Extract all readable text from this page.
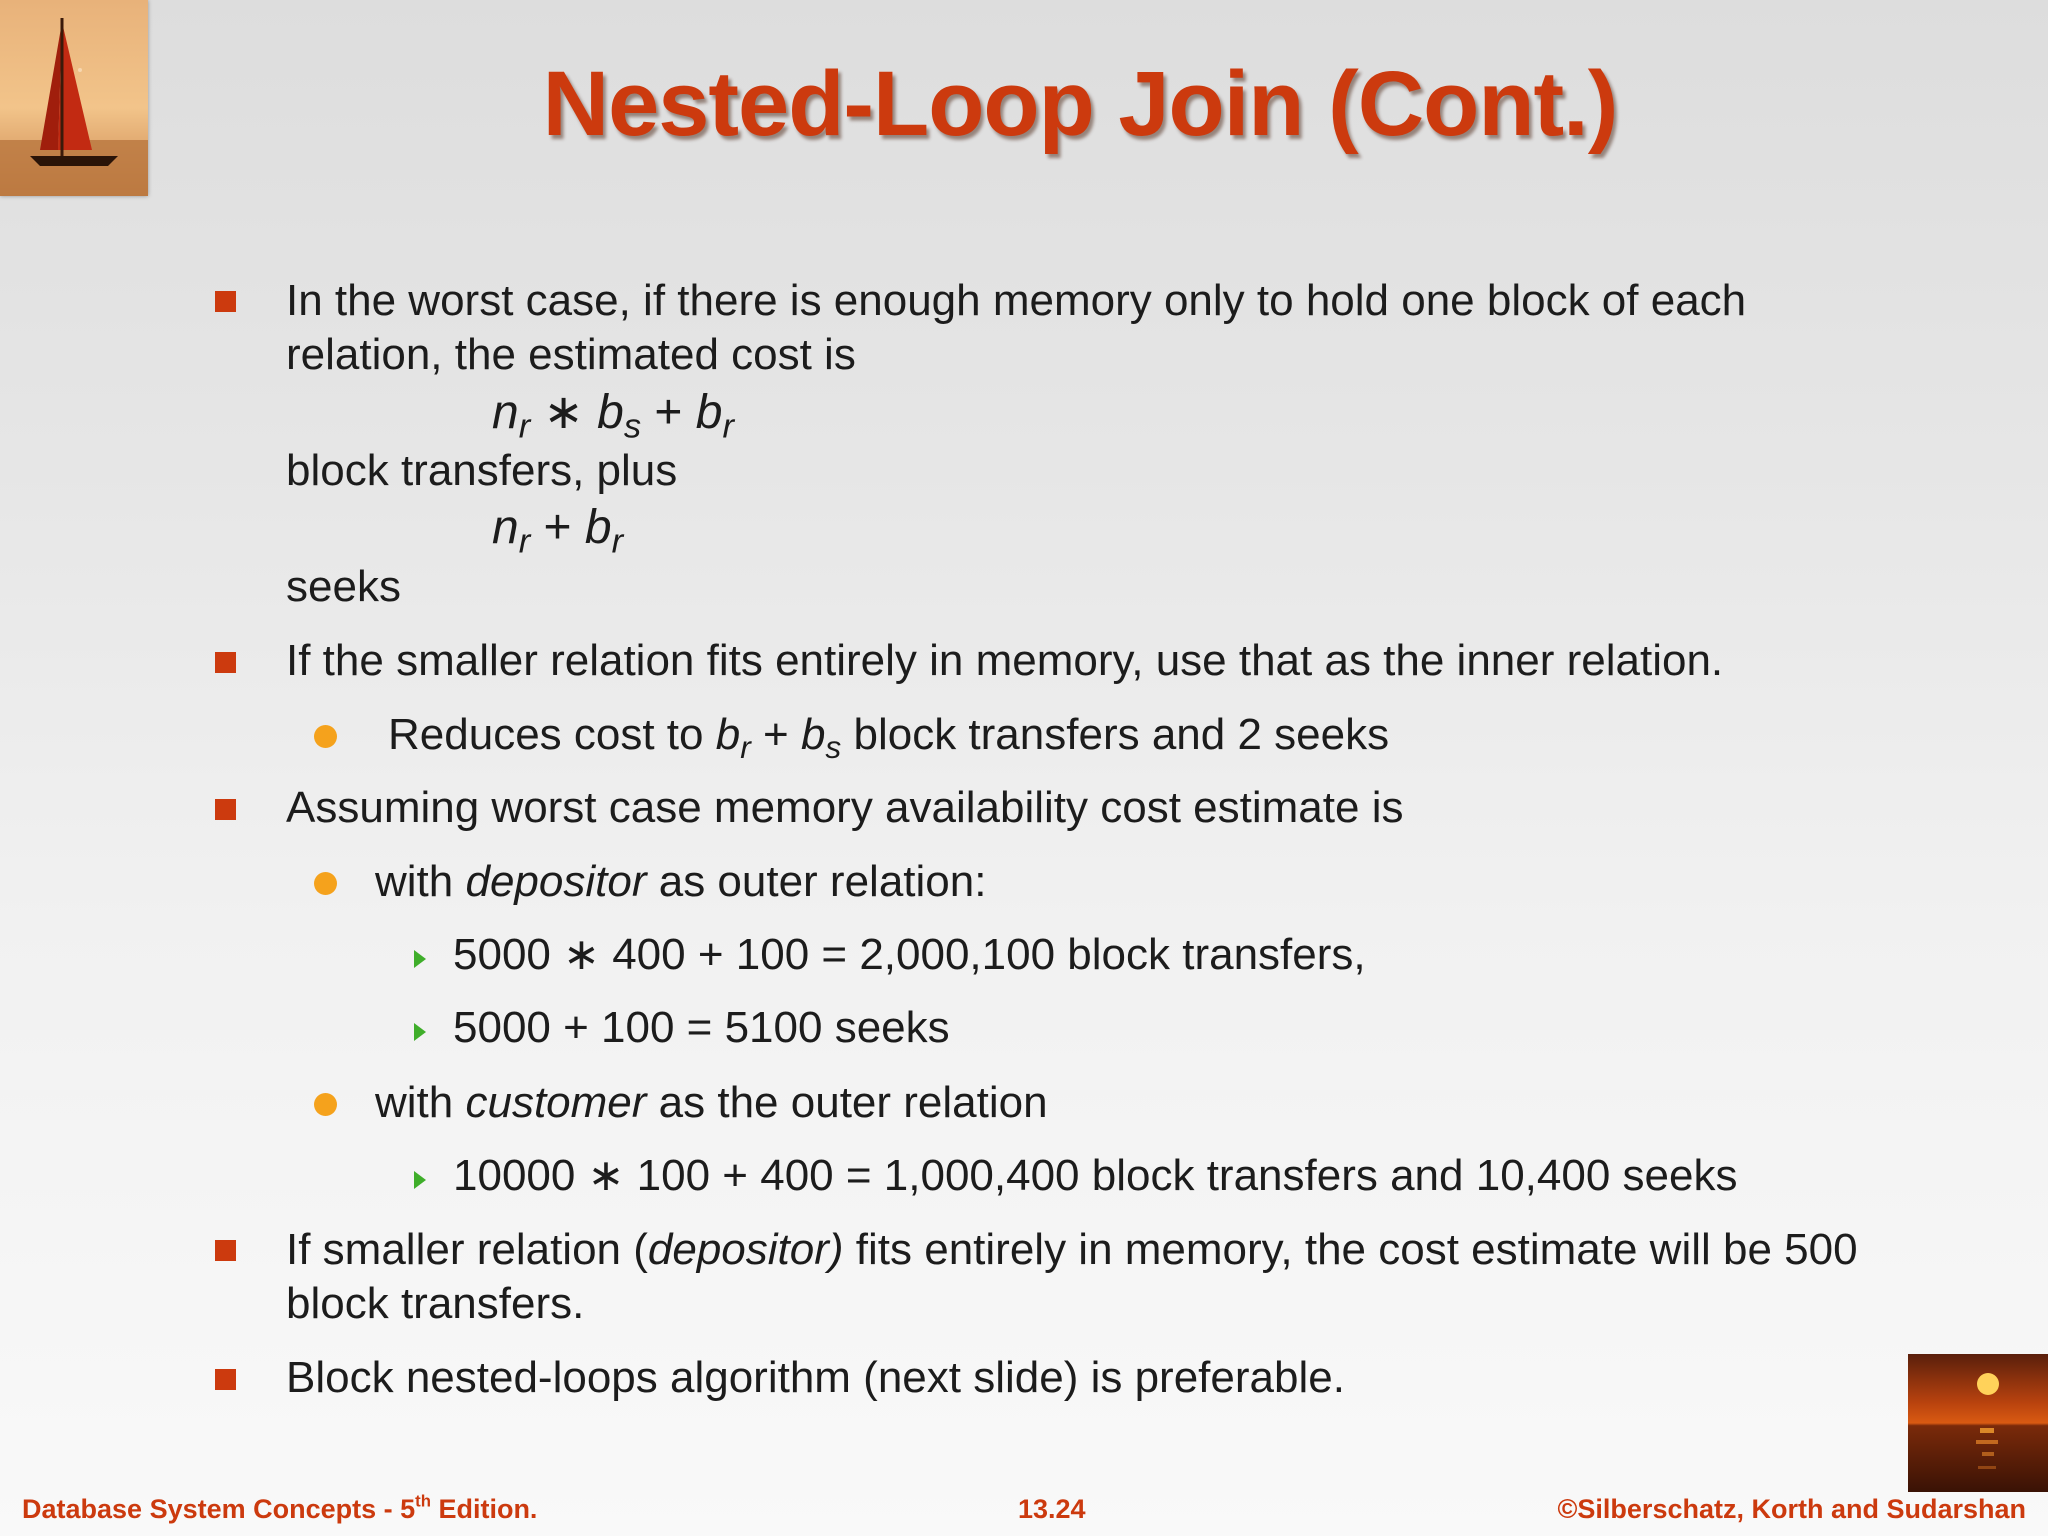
Nested-Loop Join (Cont.)
In the worst case, if there is enough memory only to hold one block of each
relation, the estimated cost is
$n_r$ ∗ $b_s + b_r$
block transfers, plus
$n_r + b_r$
seeks
If the smaller relation fits entirely in memory, use that as the inner relation.
Reduces cost to $b_r + b_s$ block transfers and 2 seeks
Assuming worst case memory availability cost estimate is
with depositor as outer relation:
5000 ∗ 400 + 100 = 2,000,100 block transfers,
5000 + 100 = 5100 seeks
with customer as the outer relation
10000 ∗ 100 + 400 = 1,000,400 block transfers and 10,400 seeks
If smaller relation (depositor) fits entirely in memory, the cost estimate will be 500
block transfers.
Block nested-loops algorithm (next slide) is preferable.
Database System Concepts - 5th Edition.	13.24	©Silberschatz, Korth and Sudarshan
